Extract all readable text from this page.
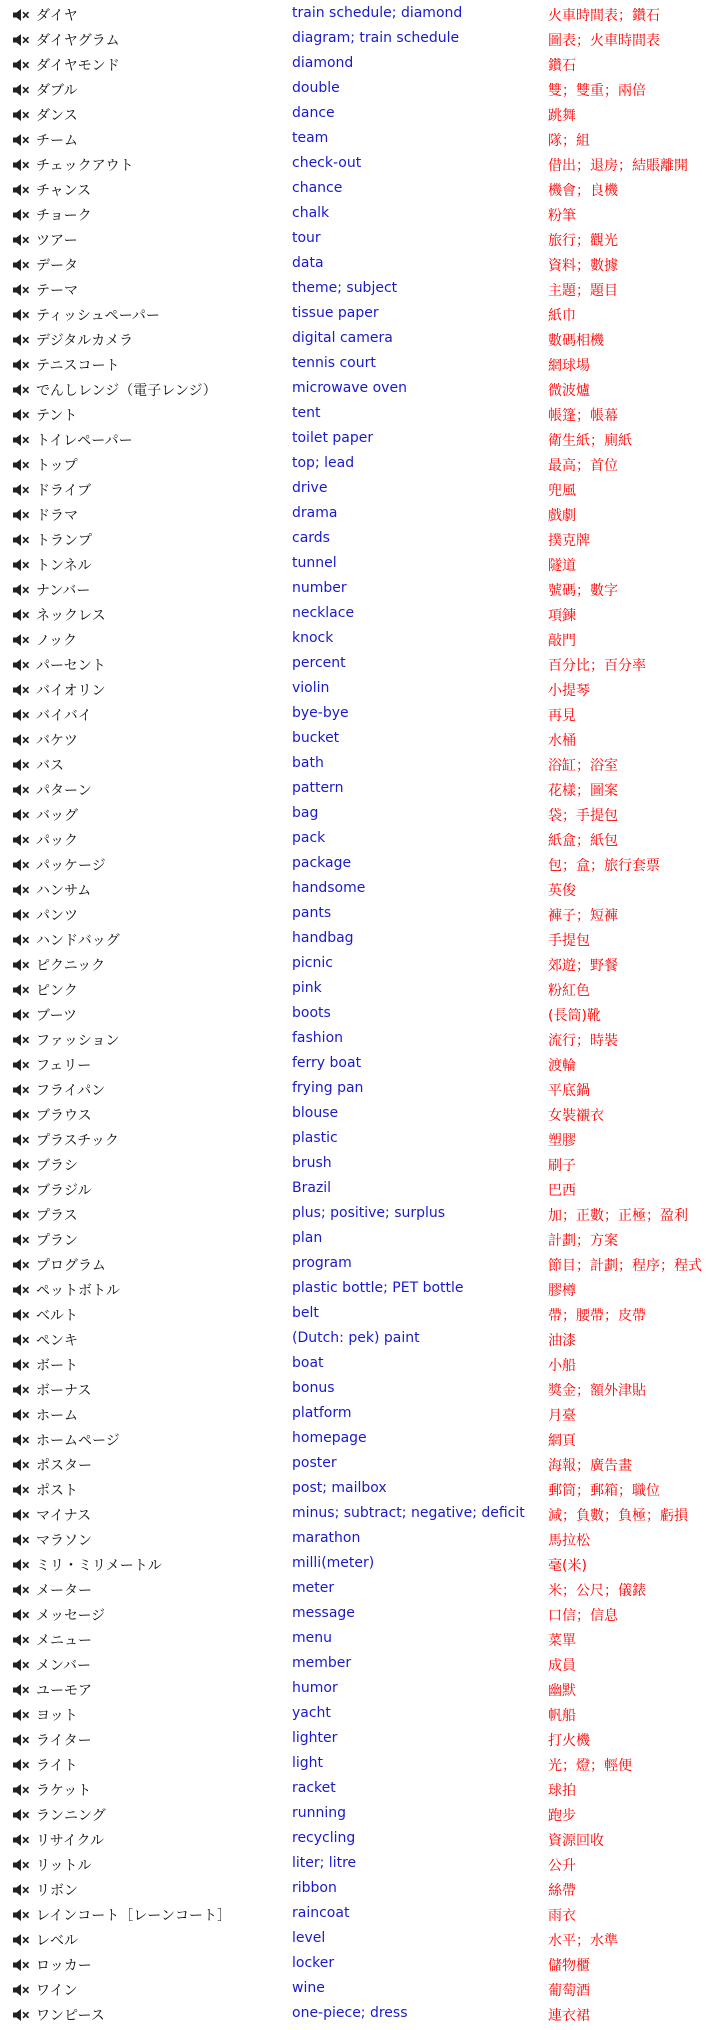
ダイヤ	train schedule; diamond	火車時間表；鑽石
ダイヤグラム	diagram; train schedule	圖表；火車時間表
ダイヤモンド	diamond	鑽石
ダブル	double	雙；雙重；兩倍
ダンス	dance	跳舞
チーム	team	隊；組
チェックアウト	check-out	借出；退房；結賬離開
チャンス	chance	機會；良機
チョーク	chalk	粉筆
ツアー	tour	旅行；觀光
データ	data	資料；數據
テーマ	theme; subject	主題；題目
ティッシュペーパー	tissue paper	紙巾
デジタルカメラ	digital camera	數碼相機
テニスコート	tennis court	網球場
でんしレンジ（電子レンジ）	microwave oven	微波爐
テント	tent	帳篷；帳幕
トイレペーパー	toilet paper	衛生紙；廁紙
トップ	top; lead	最高；首位
ドライブ	drive	兜風
ドラマ	drama	戲劇
トランプ	cards	撲克牌
トンネル	tunnel	隧道
ナンバー	number	號碼；數字
ネックレス	necklace	項鍊
ノック	knock	敲門
パーセント	percent	百分比；百分率
バイオリン	violin	小提琴
バイバイ	bye-bye	再見
バケツ	bucket	水桶
バス	bath	浴缸；浴室
パターン	pattern	花樣；圖案
バッグ	bag	袋；手提包
パック	pack	紙盒；紙包
パッケージ	package	包；盒；旅行套票
ハンサム	handsome	英俊
パンツ	pants	褲子；短褲
ハンドバッグ	handbag	手提包
ピクニック	picnic	郊遊；野餐
ピンク	pink	粉紅色
ブーツ	boots	(長筒)靴
ファッション	fashion	流行；時裝
フェリー	ferry boat	渡輪
フライパン	frying pan	平底鍋
ブラウス	blouse	女裝襯衣
プラスチック	plastic	塑膠
ブラシ	brush	刷子
ブラジル	Brazil	巴西
プラス	plus; positive; surplus	加；正數；正極；盈利
プラン	plan	計劃；方案
プログラム	program	節目；計劃；程序；程式
ペットボトル	plastic bottle; PET bottle	膠樽
ベルト	belt	帶；腰帶；皮帶
ペンキ	(Dutch: pek) paint	油漆
ボート	boat	小船
ボーナス	bonus	獎金；額外津貼
ホーム	platform	月臺
ホームページ	homepage	網頁
ポスター	poster	海報；廣告畫
ポスト	post; mailbox	郵筒；郵箱；職位
マイナス	minus; subtract; negative; deficit 減；負數；負極；虧損
マラソン	marathon	馬拉松
ミリ・ミリメートル	milli(meter)	毫(米)
メーター	meter	米；公尺；儀錶
メッセージ	message	口信；信息
メニュー	menu	菜單
メンバー	member	成員
ユーモア	humor	幽默
ヨット	yacht	帆船
ライター	lighter	打火機
ライト	light	光；燈；輕便
ラケット	racket	球拍
ランニング	running	跑步
リサイクル	recycling	資源回收
リットル	liter; litre	公升
リボン	ribbon	絲帶
レインコート［レーンコート］	raincoat	雨衣
レベル	level	水平；水準
ロッカー	locker	儲物櫃
ワイン	wine	葡萄酒
ワンピース	one-piece; dress	連衣裙
